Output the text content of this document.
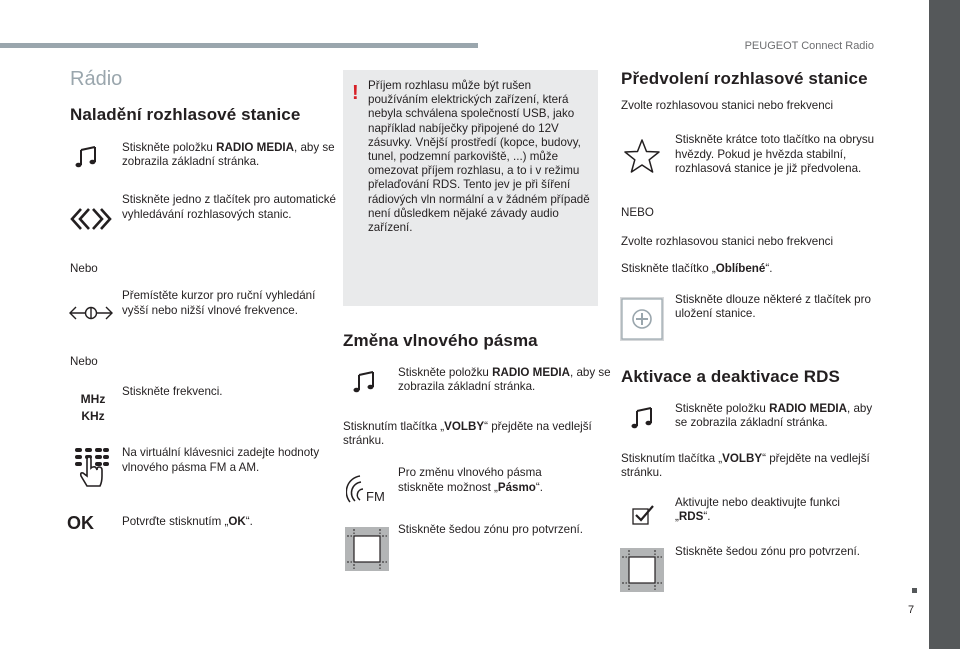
PEUGEOT Connect Radio
7
Rádio
Naladění rozhlasové stanice
Stiskněte položku RADIO MEDIA, aby se zobrazila základní stránka.
Stiskněte jedno z tlačítek pro automatické vyhledávání rozhlasových stanic.
Nebo
Přemístěte kurzor pro ruční vyhledání vyšší nebo nižší vlnové frekvence.
Nebo
MHz
KHz
Stiskněte frekvenci.
Na virtuální klávesnici zadejte hodnoty vlnového pásma FM a AM.
OK Potvrďte stisknutím „OK“.
! Příjem rozhlasu může být rušen používáním elektrických zařízení, která nebyla schválena společností USB, jako například nabíječky připojené do 12V zásuvky. Vnější prostředí (kopce, budovy, tunel, podzemní parkoviště, ...) může omezovat příjem rozhlasu, a to i v režimu přelaďování RDS. Tento jev je při šíření rádiových vln normální a v žádném případě není důsledkem nějaké závady audio zařízení.
Změna vlnového pásma
Stiskněte položku RADIO MEDIA, aby se zobrazila základní stránka.
Stisknutím tlačítka „VOLBY“ přejděte na vedlejší stránku.
FM
Pro změnu vlnového pásma stiskněte možnost „Pásmo“.
Stiskněte šedou zónu pro potvrzení.
Předvolení rozhlasové stanice
Zvolte rozhlasovou stanici nebo frekvenci
Stiskněte krátce toto tlačítko na obrysu hvězdy. Pokud je hvězda stabilní, rozhlasová stanice je již předvolena.
NEBO
Zvolte rozhlasovou stanici nebo frekvenci
Stiskněte tlačítko „Oblíbené“.
Stiskněte dlouze některé z tlačítek pro uložení stanice.
Aktivace a deaktivace RDS
Stiskněte položku RADIO MEDIA, aby se zobrazila základní stránka.
Stisknutím tlačítka „VOLBY“ přejděte na vedlejší stránku.
Aktivujte nebo deaktivujte funkci „RDS“.
Stiskněte šedou zónu pro potvrzení.
